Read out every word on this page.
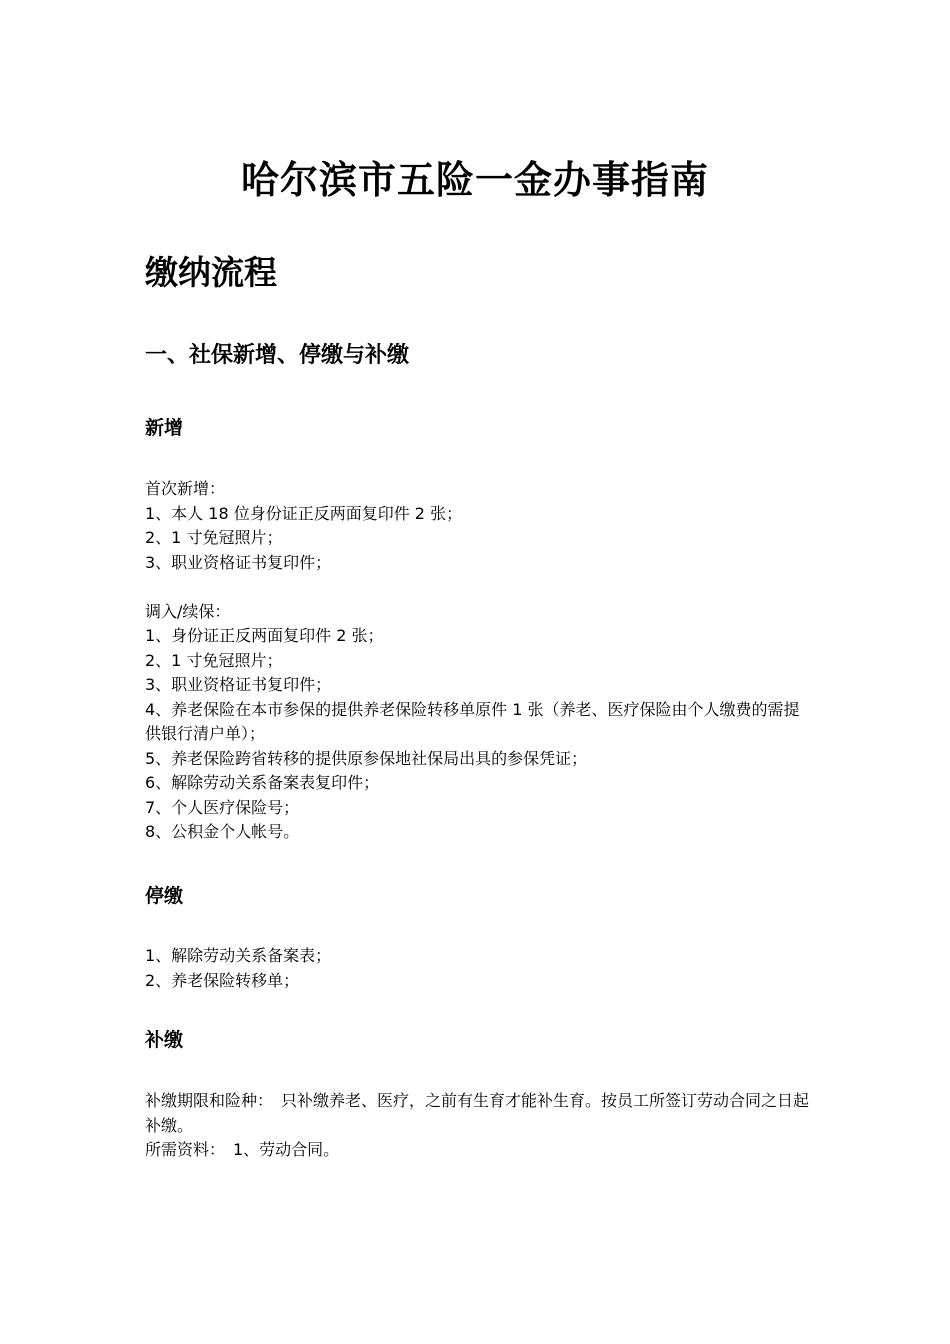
哈尔滨市五险一金办事指南
缴纳流程
一、社保新增、停缴与补缴
新增
首次新增：
1、本人 18 位身份证正反两面复印件 2 张；
2、1 寸免冠照片；
3、职业资格证书复印件；
调入/续保：
1、身份证正反两面复印件 2 张；
2、1 寸免冠照片；
3、职业资格证书复印件；
4、养老保险在本市参保的提供养老保险转移单原件 1 张（养老、医疗保险由个人缴费的需提供银行清户单）；
5、养老保险跨省转移的提供原参保地社保局出具的参保凭证；
6、解除劳动关系备案表复印件；
7、个人医疗保险号；
8、公积金个人帐号。
停缴
1、解除劳动关系备案表；
2、养老保险转移单；
补缴
补缴期限和险种：　只补缴养老、医疗，之前有生育才能补生育。按员工所签订劳动合同之日起补缴。
所需资料：　1、劳动合同。
